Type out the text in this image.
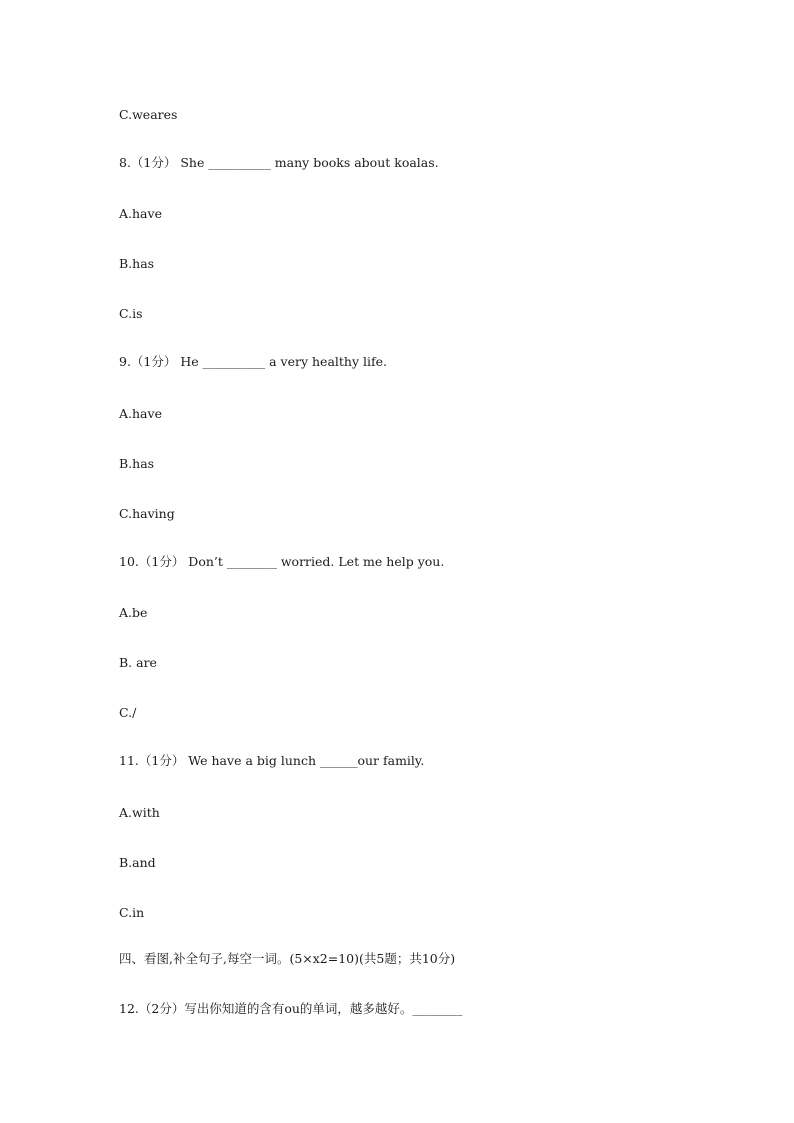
C.weares
8.（1分） She __________ many books about koalas.
A.have
B.has
C.is
9.（1分） He __________ a very healthy life.
A.have
B.has
C.having
10.（1分） Don’t ________ worried. Let me help you.
A.be
B. are
C./
11.（1分） We have a big lunch ______our family.
A.with
B.and
C.in
四、看图,补全句子,每空一词。(5×x2=10)(共5题；共10分)
12.（2分）写出你知道的含有ou的单词，越多越好。________
